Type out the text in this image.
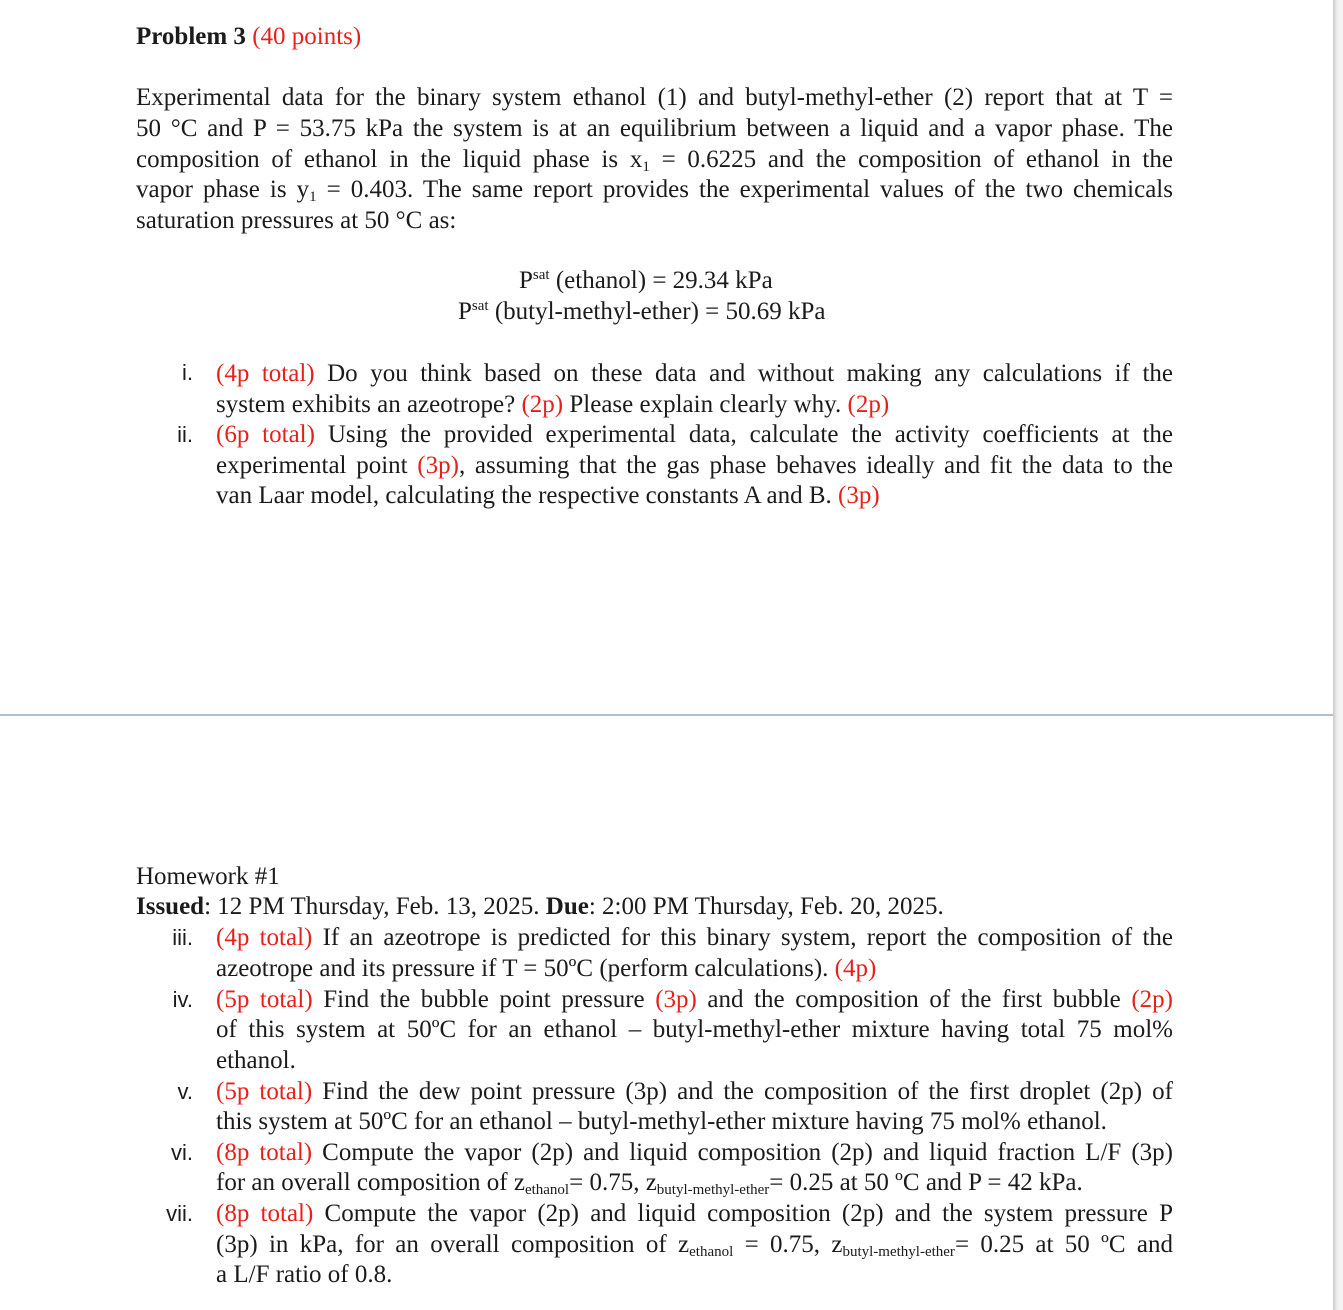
Problem 3 (40 points)
Experimental data for the binary system ethanol (1) and butyl-methyl-ether (2) report that at T =
50 °C and P = 53.75 kPa the system is at an equilibrium between a liquid and a vapor phase. The
composition of ethanol in the liquid phase is $x_1 = 0.6225$ and the composition of ethanol in the
vapor phase is $y_1 = 0.403$. The same report provides the experimental values of the two chemicals
saturation pressures at 50 °C as:
$P^{sat}$ (ethanol) = 29.34 kPa
$P^{sat}$ (butyl-methyl-ether) = 50.69 kPa
i. (4p total) Do you think based on these data and without making any calculations if the
system exhibits an azeotrope? (2p) Please explain clearly why. (2p)
ii. (6p total) Using the provided experimental data, calculate the activity coefficients at the
experimental point (3p), assuming that the gas phase behaves ideally and fit the data to the
van Laar model, calculating the respective constants A and B. (3p)
Homework #1
Issued: 12 PM Thursday, Feb. 13, 2025. Due: 2:00 PM Thursday, Feb. 20, 2025.
iii. (4p total) If an azeotrope is predicted for this binary system, report the composition of the
azeotrope and its pressure if T = 50ºC (perform calculations). (4p)
iv. (5p total) Find the bubble point pressure (3p) and the composition of the first bubble (2p)
of this system at 50ºC for an ethanol – butyl-methyl-ether mixture having total 75 mol%
ethanol.
v. (5p total) Find the dew point pressure (3p) and the composition of the first droplet (2p) of
this system at 50ºC for an ethanol – butyl-methyl-ether mixture having 75 mol% ethanol.
vi. (8p total) Compute the vapor (2p) and liquid composition (2p) and liquid fraction L/F (3p)
for an overall composition of $z_{ethanol}= 0.75$, $z_{butyl-methyl-ether}= 0.25$ at 50 ºC and P = 42 kPa.
vii. (8p total) Compute the vapor (2p) and liquid composition (2p) and the system pressure P
(3p) in kPa, for an overall composition of $z_{ethanol} = 0.75$, $z_{butyl-methyl-ether}= 0.25$ at 50 ºC and
a L/F ratio of 0.8.
